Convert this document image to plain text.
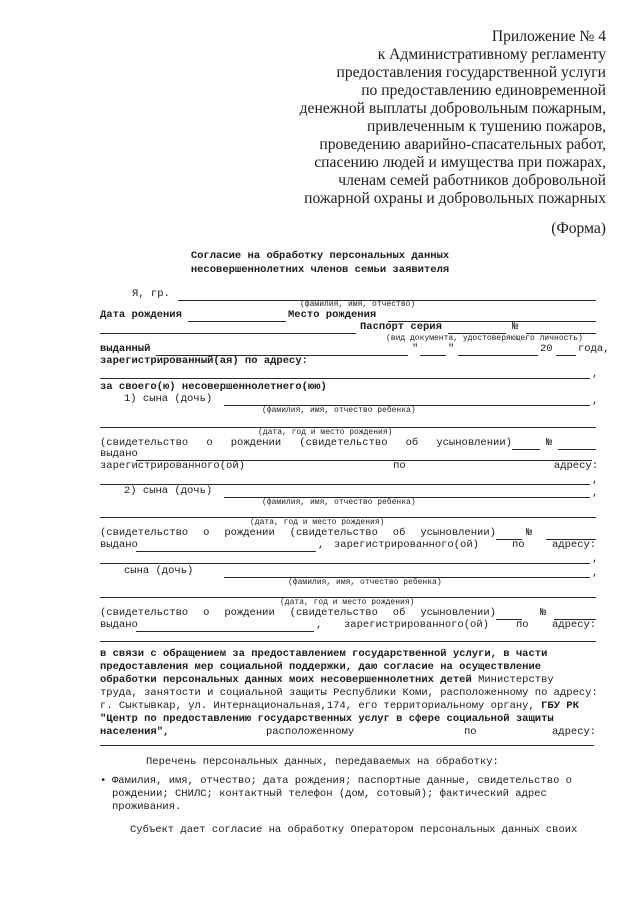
Приложение № 4
к Административному регламенту
предоставления государственной услуги
по предоставлению единовременной
денежной выплаты добровольным пожарным,
привлеченным к тушению пожаров,
проведению аварийно-спасательных работ,
спасению людей и имущества при пожарах,
членам семей работников добровольной
пожарной охраны и добровольных пожарных
(Форма)
Согласие на обработку персональных данных
несовершеннолетних членов семьи заявителя
Я, гр.
(фамилия, имя, отчество)
Дата рождения	Место рождения
Паспорт серия	№
(вид документа, удостоверяющего личность)
выданный	"	"	20 года,
зарегистрированный(ая) по адресу:
,
за своего(ю) несовершеннолетнего(юю)
1) сына (дочь)	,
(фамилия, имя, отчество ребенка)
(дата, год и место рождения)
(свидетельство о рождении (свидетельство об усыновлении)	№
выдано
зарегистрированного(ой)	по	адресу:
,
2) сына (дочь)	,
(фамилия, имя, отчество ребенка)
(дата, год и место рождения)
(свидетельство о рождении (свидетельство об усыновлении)	№
выдано	, зарегистрированного(ой)	по	адресу:
,
сына (дочь)	,
(фамилия, имя, отчество ребенка)
(дата, год и место рождения)
(свидетельство о рождении (свидетельство об усыновлении)	№
выдано	, зарегистрированного(ой)	по адресу:
в связи с обращением за предоставлением государственной услуги, в части
предоставления мер социальной поддержки, даю согласие на осуществление
обработки персональных данных моих несовершеннолетних детей Министерству
труда, занятости и социальной защиты Республики Коми, расположенному по адресу:
г. Сыктывкар, ул. Интернациональная,174, его территориальному органу, ГБУ РК
"Центр по предоставлению государственных услуг в сфере социальной защиты
населения",	расположенному	по	адресу:
Перечень персональных данных, передаваемых на обработку:
• Фамилия, имя, отчество; дата рождения; паспортные данные, свидетельство о
рождении; СНИЛС; контактный телефон (дом, сотовый); фактический адрес
проживания.
Субъект дает согласие на обработку Оператором персональных данных своих
